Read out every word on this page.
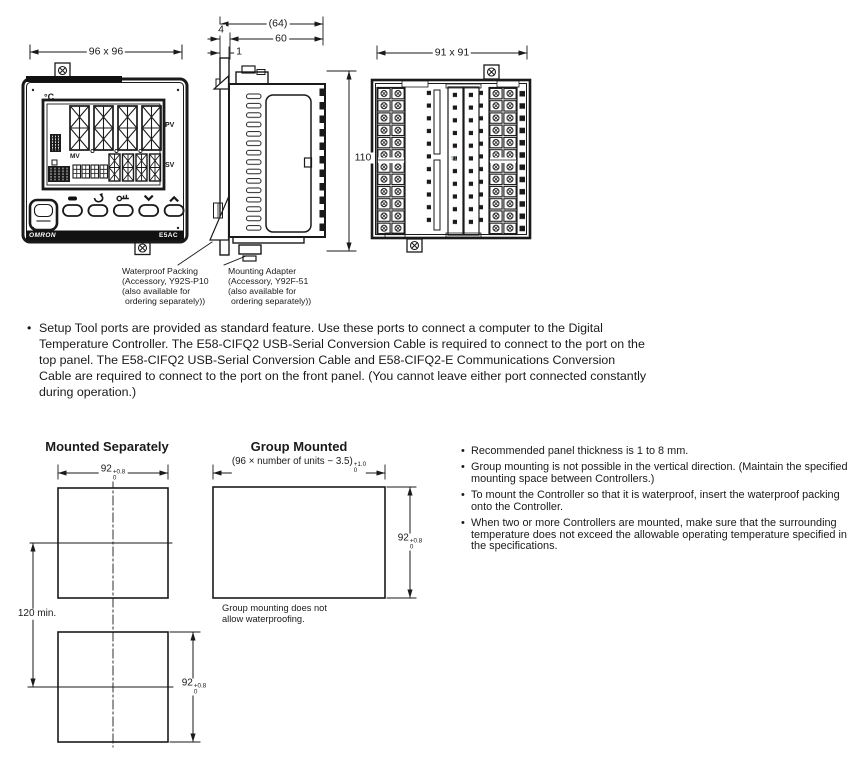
96 x 96
°C
PV
MV
SV
OMRON	E5AC
(64)
60
4
1
110
91 x 91
91
Waterproof Packing
(Accessory, Y92S-P10
(also available for
ordering separately))
Mounting Adapter
(Accessory, Y92F-51
(also available for
ordering separately))
• Setup Tool ports are provided as standard feature. Use these ports to connect a computer to the Digital Temperature Controller. The E58-CIFQ2 USB-Serial Conversion Cable is required to connect to the port on the top panel. The E58-CIFQ2 USB-Serial Conversion Cable and E58-CIFQ2-E Communications Conversion Cable are required to connect to the port on the front panel. (You cannot leave either port connected constantly during operation.)
Mounted Separately	Group Mounted
(96 × number of units − 3.5) +1.0
0
92 +0.8
0
92 +0.8
0
92 +0.8
0
120 min.	Group mounting does not
allow waterproofing.
• Recommended panel thickness is 1 to 8 mm.
• Group mounting is not possible in the vertical direction. (Maintain the specified mounting space between Controllers.)
• To mount the Controller so that it is waterproof, insert the waterproof packing onto the Controller.
• When two or more Controllers are mounted, make sure that the surrounding temperature does not exceed the allowable operating temperature specified in the specifications.
